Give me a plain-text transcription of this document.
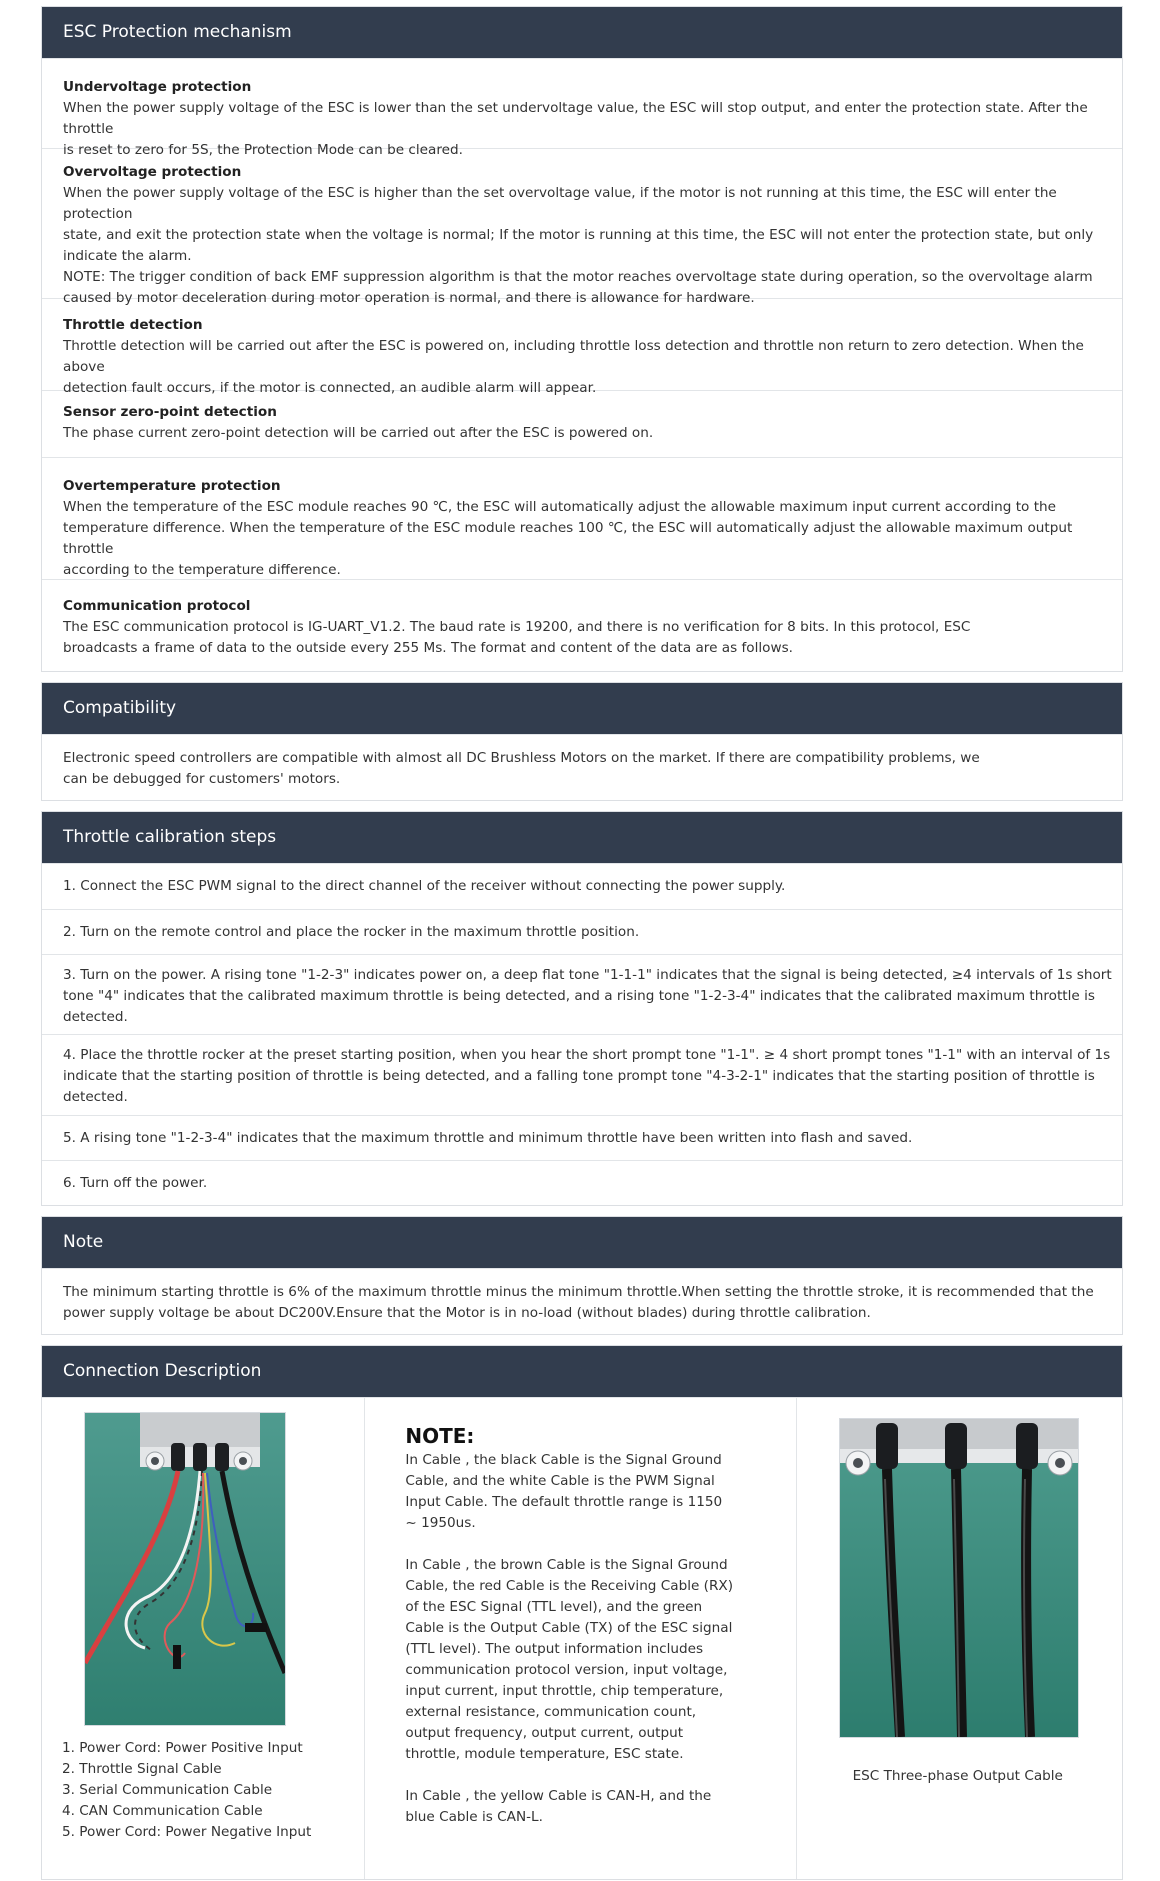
ESC Protection mechanism
Undervoltage protection
When the power supply voltage of the ESC is lower than the set undervoltage value, the ESC will stop output, and enter the protection state. After the throttle
is reset to zero for 5S, the Protection Mode can be cleared.
Overvoltage protection
When the power supply voltage of the ESC is higher than the set overvoltage value, if the motor is not running at this time, the ESC will enter the protection
state, and exit the protection state when the voltage is normal; If the motor is running at this time, the ESC will not enter the protection state, but only
indicate the alarm.
NOTE: The trigger condition of back EMF suppression algorithm is that the motor reaches overvoltage state during operation, so the overvoltage alarm
caused by motor deceleration during motor operation is normal, and there is allowance for hardware.
Throttle detection
Throttle detection will be carried out after the ESC is powered on, including throttle loss detection and throttle non return to zero detection. When the above
detection fault occurs, if the motor is connected, an audible alarm will appear.
Sensor zero-point detection
The phase current zero-point detection will be carried out after the ESC is powered on.
Overtemperature protection
When the temperature of the ESC module reaches 90 ℃, the ESC will automatically adjust the allowable maximum input current according to the
temperature difference. When the temperature of the ESC module reaches 100 ℃, the ESC will automatically adjust the allowable maximum output throttle
according to the temperature difference.
Communication protocol
The ESC communication protocol is IG-UART_V1.2. The baud rate is 19200, and there is no verification for 8 bits. In this protocol, ESC
broadcasts a frame of data to the outside every 255 Ms. The format and content of the data are as follows.
Compatibility
Electronic speed controllers are compatible with almost all DC Brushless Motors on the market. If there are compatibility problems, we
can be debugged for customers' motors.
Throttle calibration steps
1. Connect the ESC PWM signal to the direct channel of the receiver without connecting the power supply.
2. Turn on the remote control and place the rocker in the maximum throttle position.
3. Turn on the power. A rising tone "1-2-3" indicates power on, a deep flat tone "1-1-1" indicates that the signal is being detected, ≥4 intervals of 1s short
tone "4" indicates that the calibrated maximum throttle is being detected, and a rising tone "1-2-3-4" indicates that the calibrated maximum throttle is
detected.
4. Place the throttle rocker at the preset starting position, when you hear the short prompt tone "1-1". ≥ 4 short prompt tones "1-1" with an interval of 1s
indicate that the starting position of throttle is being detected, and a falling tone prompt tone "4-3-2-1" indicates that the starting position of throttle is
detected.
5. A rising tone "1-2-3-4" indicates that the maximum throttle and minimum throttle have been written into flash and saved.
6. Turn off the power.
Note
The minimum starting throttle is 6% of the maximum throttle minus the minimum throttle.When setting the throttle stroke, it is recommended that the
power supply voltage be about DC200V.Ensure that the Motor is in no-load (without blades) during throttle calibration.
Connection Description
1. Power Cord: Power Positive Input
2. Throttle Signal Cable
3. Serial Communication Cable
4. CAN Communication Cable
5. Power Cord: Power Negative Input
NOTE:
In Cable , the black Cable is the Signal Ground Cable, and the white Cable is the PWM Signal Input Cable. The default throttle range is 1150 ~ 1950us.
In Cable , the brown Cable is the Signal Ground Cable, the red Cable is the Receiving Cable (RX) of the ESC Signal (TTL level), and the green Cable is the Output Cable (TX) of the ESC signal (TTL level). The output information includes communication protocol version, input voltage, input current, input throttle, chip temperature, external resistance, communication count, output frequency, output current, output throttle, module temperature, ESC state.
In Cable , the yellow Cable is CAN-H, and the blue Cable is CAN-L.
ESC Three-phase Output Cable
